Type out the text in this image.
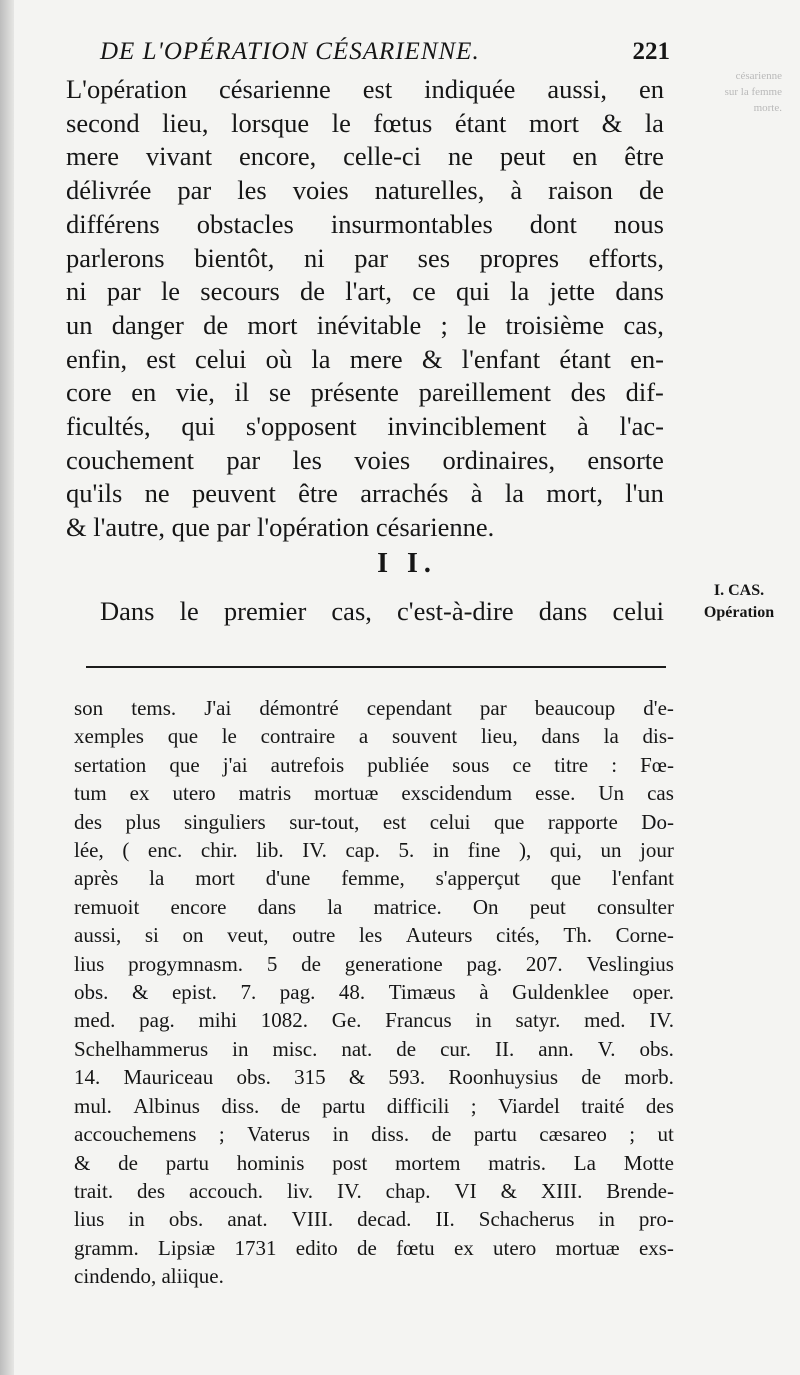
césarienne
sur la femme
morte.
DE L'OPÉRATION CÉSARIENNE.	221
L'opération césarienne est indiquée aussi, en
second lieu, lorsque le fœtus étant mort & la
mere vivant encore, celle-ci ne peut en être
délivrée par les voies naturelles, à raison de
différens obstacles insurmontables dont nous
parlerons bientôt, ni par ses propres efforts,
ni par le secours de l'art, ce qui la jette dans
un danger de mort inévitable ; le troisième cas,
enfin, est celui où la mere & l'enfant étant en-
core en vie, il se présente pareillement des dif-
ficultés, qui s'opposent invinciblement à l'ac-
couchement par les voies ordinaires, ensorte
qu'ils ne peuvent être arrachés à la mort, l'un
& l'autre, que par l'opération césarienne.
I I.
Dans le premier cas, c'est-à-dire dans celui
I. CAS.
Opération
son tems. J'ai démontré cependant par beaucoup d'e-
xemples que le contraire a souvent lieu, dans la dis-
sertation que j'ai autrefois publiée sous ce titre : Fœ-
tum ex utero matris mortuæ exscidendum esse. Un cas
des plus singuliers sur-tout, est celui que rapporte Do-
lée, ( enc. chir. lib. IV. cap. 5. in fine ), qui, un jour
après la mort d'une femme, s'apperçut que l'enfant
remuoit encore dans la matrice. On peut consulter
aussi, si on veut, outre les Auteurs cités, Th. Corne-
lius progymnasm. 5 de generatione pag. 207. Veslingius
obs. & epist. 7. pag. 48. Timæus à Guldenklee oper.
med. pag. mihi 1082. Ge. Francus in satyr. med. IV.
Schelhammerus in misc. nat. de cur. II. ann. V. obs.
14. Mauriceau obs. 315 & 593. Roonhuysius de morb.
mul. Albinus diss. de partu difficili ; Viardel traité des
accouchemens ; Vaterus in diss. de partu cæsareo ; ut
& de partu hominis post mortem matris. La Motte
trait. des accouch. liv. IV. chap. VI & XIII. Brende-
lius in obs. anat. VIII. decad. II. Schacherus in pro-
gramm. Lipsiæ 1731 edito de fœtu ex utero mortuæ exs-
cindendo, aliique.
